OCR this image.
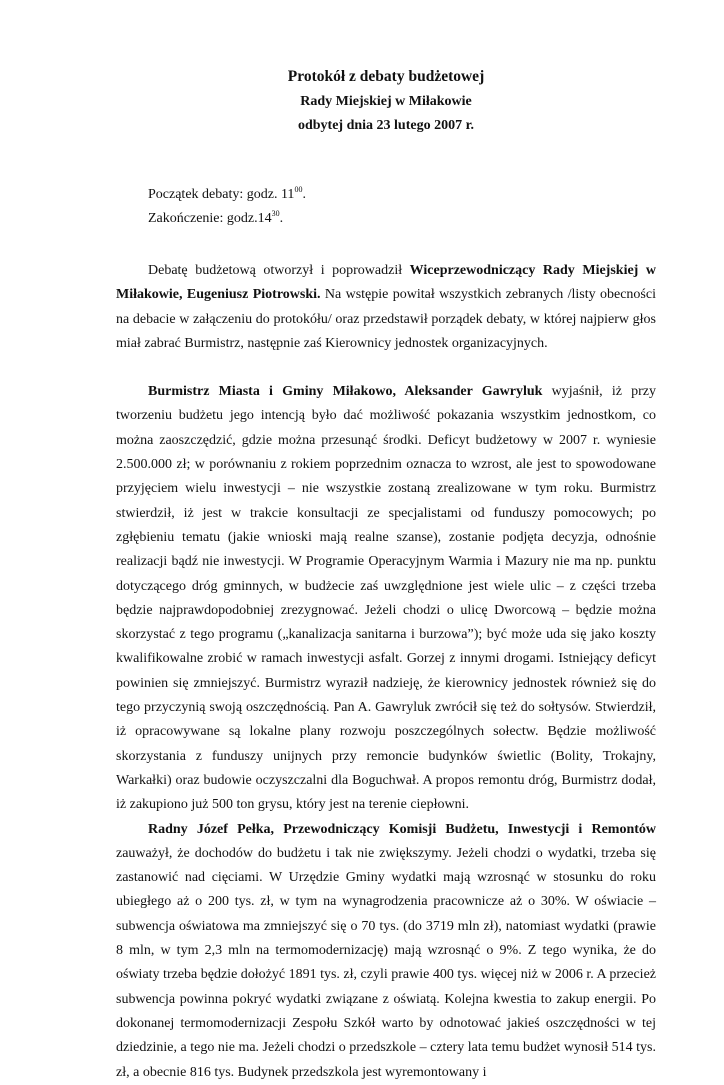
Protokół z debaty budżetowej
Rady Miejskiej w Miłakowie
odbytej dnia 23 lutego 2007 r.
Początek debaty: godz. $11^{00}$.
Zakończenie: $godz.14^{30}$.
Debatę budżetową otworzył i poprowadził Wiceprzewodniczący Rady Miejskiej w Miłakowie, Eugeniusz Piotrowski. Na wstępie powitał wszystkich zebranych /listy obecności na debacie w załączeniu do protokółu/ oraz przedstawił porządek debaty, w której najpierw głos miał zabrać Burmistrz, następnie zaś Kierownicy jednostek organizacyjnych.
Burmistrz Miasta i Gminy Miłakowo, Aleksander Gawryluk wyjaśnił, iż przy tworzeniu budżetu jego intencją było dać możliwość pokazania wszystkim jednostkom, co można zaoszczędzić, gdzie można przesunąć środki. Deficyt budżetowy w 2007 r. wyniesie 2.500.000 zł; w porównaniu z rokiem poprzednim oznacza to wzrost, ale jest to spowodowane przyjęciem wielu inwestycji – nie wszystkie zostaną zrealizowane w tym roku. Burmistrz stwierdził, iż jest w trakcie konsultacji ze specjalistami od funduszy pomocowych; po zgłębieniu tematu (jakie wnioski mają realne szanse), zostanie podjęta decyzja, odnośnie realizacji bądź nie inwestycji. W Programie Operacyjnym Warmia i Mazury nie ma np. punktu dotyczącego dróg gminnych, w budżecie zaś uwzględnione jest wiele ulic – z części trzeba będzie najprawdopodobniej zrezygnować. Jeżeli chodzi o ulicę Dworcową – będzie można skorzystać z tego programu („kanalizacja sanitarna i burzowa”); być może uda się jako koszty kwalifikowalne zrobić w ramach inwestycji asfalt. Gorzej z innymi drogami. Istniejący deficyt powinien się zmniejszyć. Burmistrz wyraził nadzieję, że kierownicy jednostek również się do tego przyczynią swoją oszczędnością. Pan A. Gawryluk zwrócił się też do sołtysów. Stwierdził, iż opracowywane są lokalne plany rozwoju poszczególnych sołectw. Będzie możliwość skorzystania z funduszy unijnych przy remoncie budynków świetlic (Bolity, Trokajny, Warkałki) oraz budowie oczyszczalni dla Boguchwał. A propos remontu dróg, Burmistrz dodał, iż zakupiono już 500 ton grysu, który jest na terenie ciepłowni.
Radny Józef Pełka, Przewodniczący Komisji Budżetu, Inwestycji i Remontów zauważył, że dochodów do budżetu i tak nie zwiększymy. Jeżeli chodzi o wydatki, trzeba się zastanowić nad cięciami. W Urzędzie Gminy wydatki mają wzrosnąć w stosunku do roku ubiegłego aż o 200 tys. zł, w tym na wynagrodzenia pracownicze aż o 30%. W oświacie – subwencja oświatowa ma zmniejszyć się o 70 tys. (do 3719 mln zł), natomiast wydatki (prawie 8 mln, w tym 2,3 mln na termomodernizację) mają wzrosnąć o 9%. Z tego wynika, że do oświaty trzeba będzie dołożyć 1891 tys. zł, czyli prawie 400 tys. więcej niż w 2006 r. A przecież subwencja powinna pokryć wydatki związane z oświatą. Kolejna kwestia to zakup energii. Po dokonanej termomodernizacji Zespołu Szkół warto by odnotować jakieś oszczędności w tej dziedzinie, a tego nie ma. Jeżeli chodzi o przedszkole – cztery lata temu budżet wynosił 514 tys. zł, a obecnie 816 tys. Budynek przedszkola jest wyremontowany i
